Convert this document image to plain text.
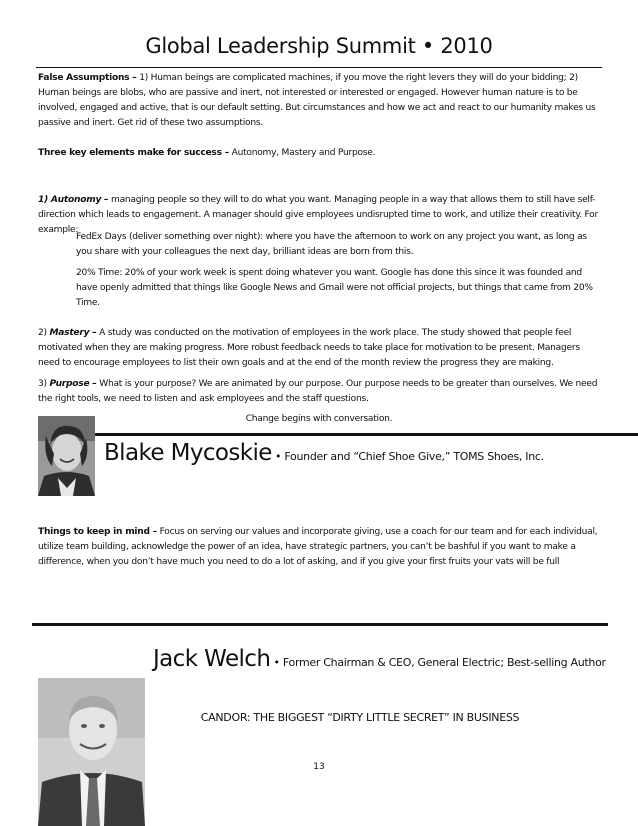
Global Leadership Summit • 2010

False Assumptions – 1) Human beings are complicated machines, if you move the right levers they will do your bidding; 2) Human beings are blobs, who are passive and inert, not interested or interested or engaged. However human nature is to be involved, engaged and active, that is our default setting. But circumstances and how we act and react to our humanity makes us passive and inert. Get rid of these two assumptions.

Three key elements make for success – Autonomy, Mastery and Purpose.

1) Autonomy – managing people so they will to do what you want. Managing people in a way that allows them to still have self-direction which leads to engagement. A manager should give employees undisrupted time to work, and utilize their creativity. For example:

FedEx Days (deliver something over night): where you have the afternoon to work on any project you want, as long as you share with your colleagues the next day, brilliant ideas are born from this.

20% Time: 20% of your work week is spent doing whatever you want. Google has done this since it was founded and have openly admitted that things like Google News and Gmail were not official projects, but things that came from 20% Time.

2) Mastery – A study was conducted on the motivation of employees in the work place. The study showed that people feel motivated when they are making progress. More robust feedback needs to take place for motivation to be present. Managers need to encourage employees to list their own goals and at the end of the month review the progress they are making.

3) Purpose – What is your purpose? We are animated by our purpose. Our purpose needs to be greater than ourselves. We need the right tools, we need to listen and ask employees and the staff questions.

Change begins with conversation.
Blake Mycoskie • Founder and “Chief Shoe Give,” TOMS Shoes, Inc.

Things to keep in mind – Focus on serving our values and incorporate giving, use a coach for our team and for each individual, utilize team building, acknowledge the power of an idea, have strategic partners, you can’t be bashful if you want to make a difference, when you don’t have much you need to do a lot of asking, and if you give your first fruits your vats will be full

Jack Welch • Former Chairman & CEO, General Electric; Best-selling Author
CANDOR: THE BIGGEST “DIRTY LITTLE SECRET” IN BUSINESS
13
